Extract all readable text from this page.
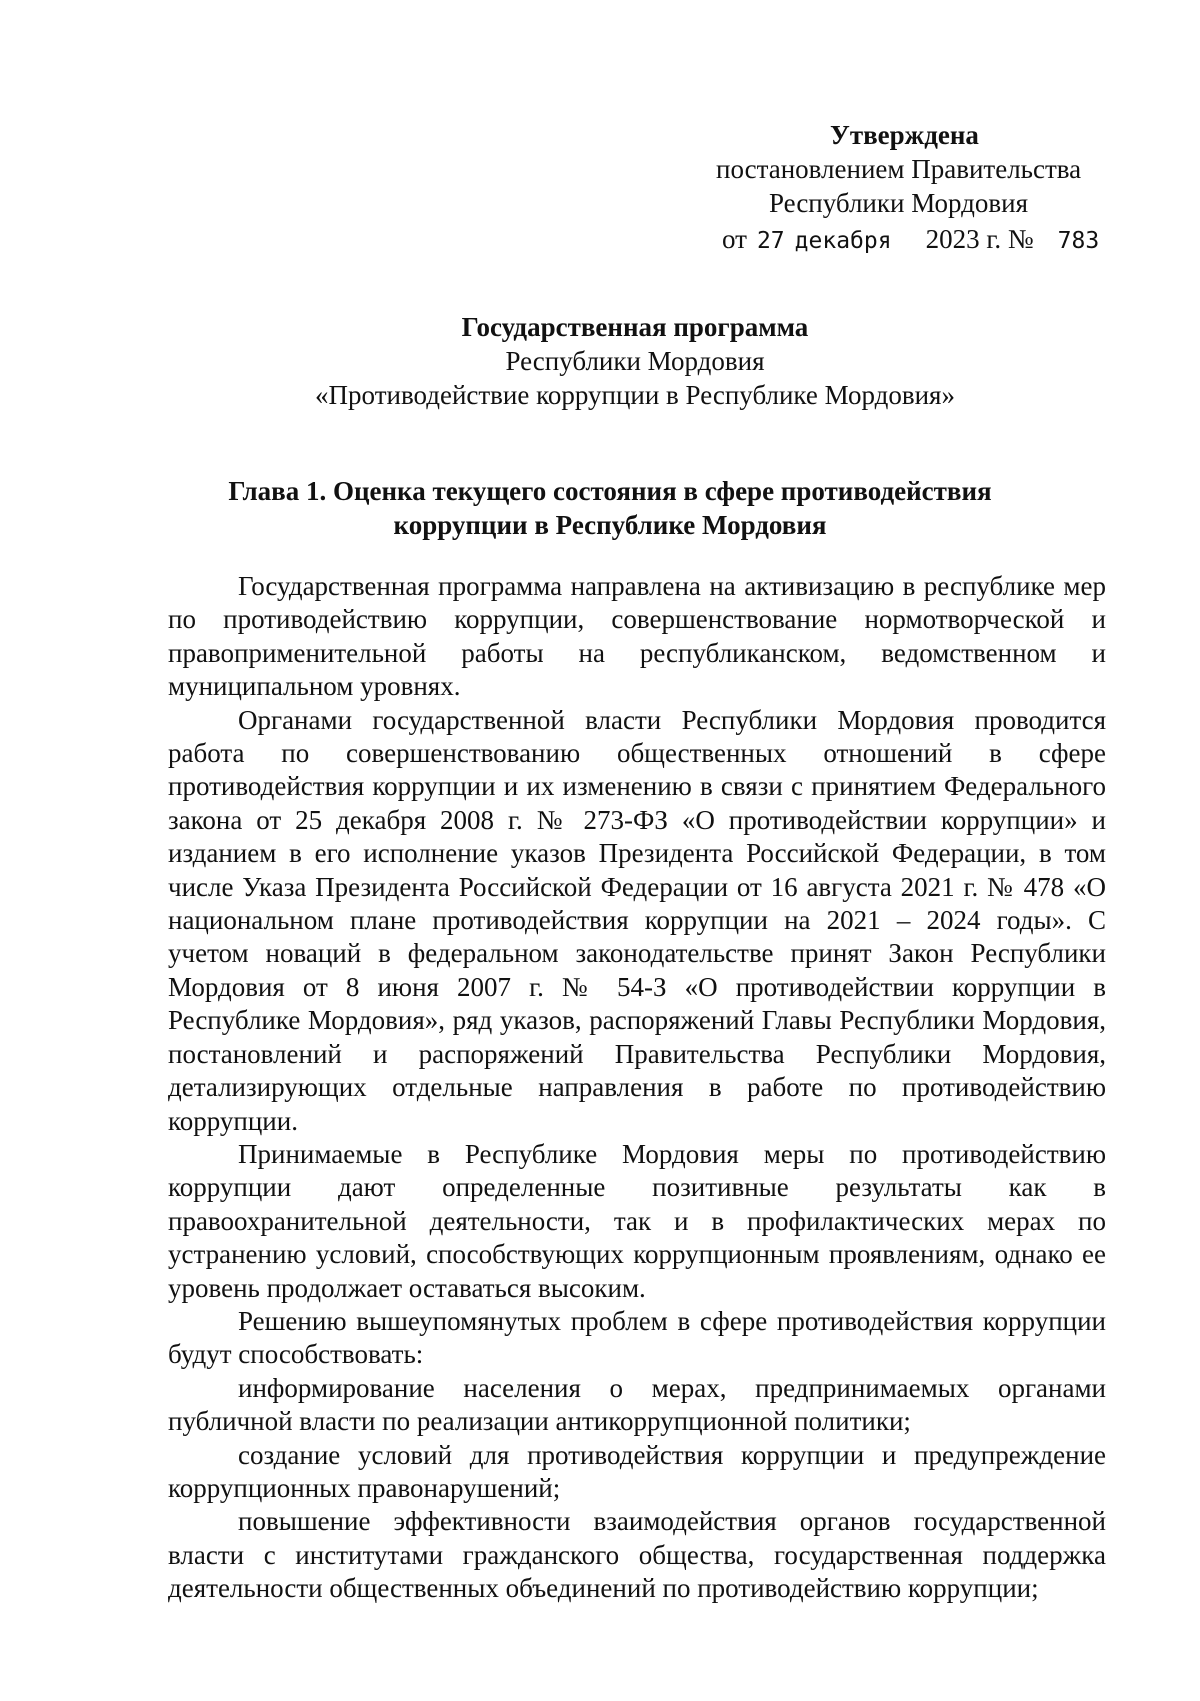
Утверждена
постановлением Правительства
Республики Мордовия
от 27 декабря 2023 г. № 783
Государственная программа
Республики Мордовия
«Противодействие коррупции в Республике Мордовия»
Глава 1. Оценка текущего состояния в сфере противодействия
коррупции в Республике Мордовия

Государственная программа направлена на активизацию в республике мер по противодействию коррупции, совершенствование нормотворческой и правоприменительной работы на республиканском, ведомственном и муниципальном уровнях.

Органами государственной власти Республики Мордовия проводится работа по совершенствованию общественных отношений в сфере противодействия коррупции и их изменению в связи с принятием Федерального закона от 25 декабря 2008 г. № 273-ФЗ «О противодействии коррупции» и изданием в его исполнение указов Президента Российской Федерации, в том числе Указа Президента Российской Федерации от 16 августа 2021 г. № 478 «О национальном плане противодействия коррупции на 2021 – 2024 годы». С учетом новаций в федеральном законодательстве принят Закон Республики Мордовия от 8 июня 2007 г. № 54-З «О противодействии коррупции в Республике Мордовия», ряд указов, распоряжений Главы Республики Мордовия, постановлений и распоряжений Правительства Республики Мордовия, детализирующих отдельные направления в работе по противодействию коррупции.

Принимаемые в Республике Мордовия меры по противодействию коррупции дают определенные позитивные результаты как в правоохранительной деятельности, так и в профилактических мерах по устранению условий, способствующих коррупционным проявлениям, однако ее уровень продолжает оставаться высоким.

Решению вышеупомянутых проблем в сфере противодействия коррупции будут способствовать:

информирование населения о мерах, предпринимаемых органами публичной власти по реализации антикоррупционной политики;

создание условий для противодействия коррупции и предупреждение коррупционных правонарушений;

повышение эффективности взаимодействия органов государственной власти с институтами гражданского общества, государственная поддержка деятельности общественных объединений по противодействию коррупции;
